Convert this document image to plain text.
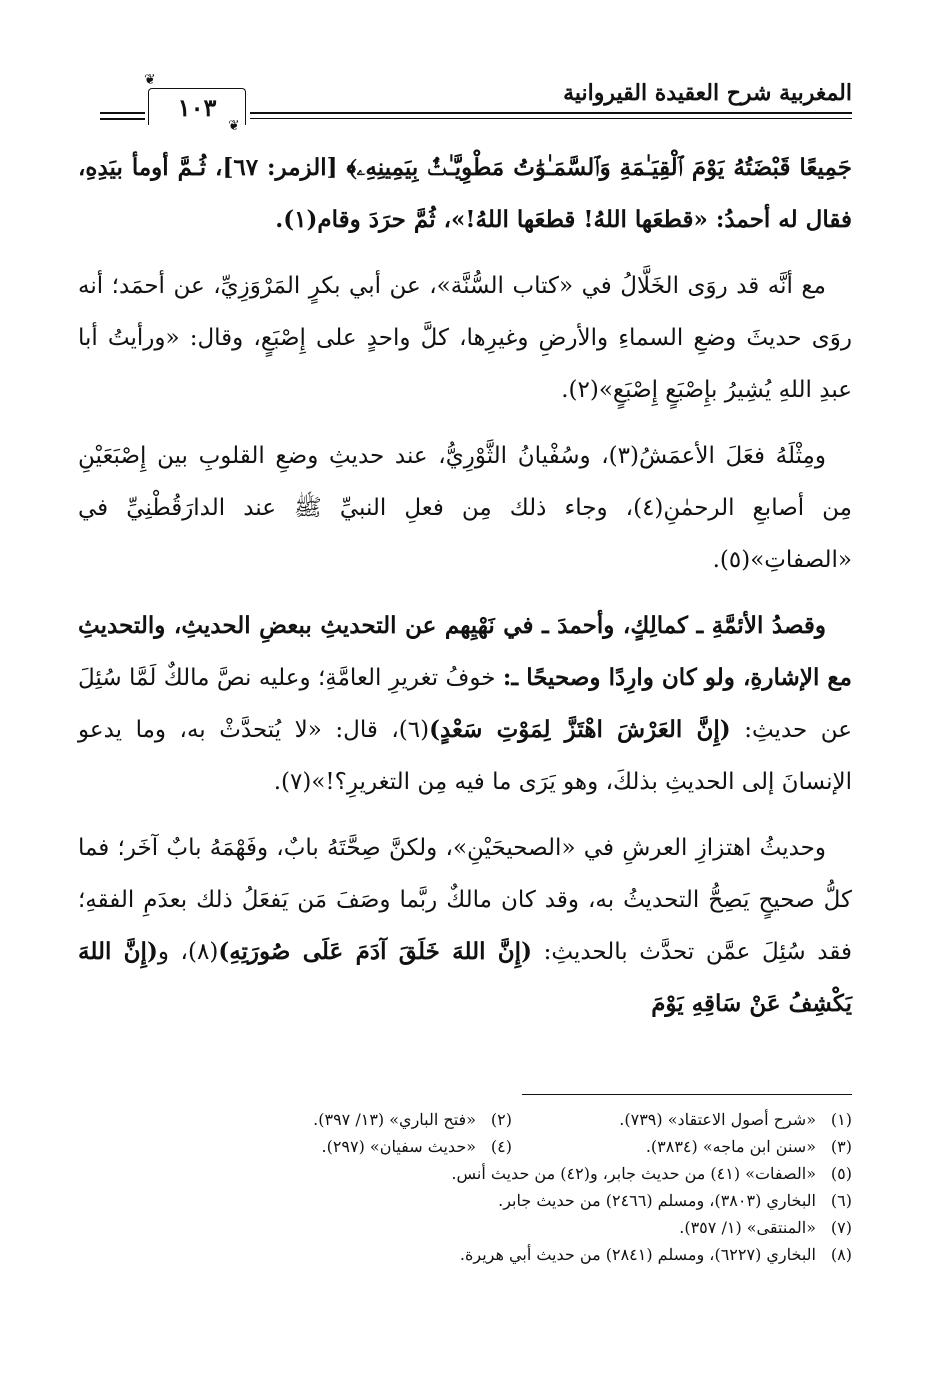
المغربية شرح العقيدة القيروانية
١٠٣
❦
❦

جَمِيعًا قَبْضَتُهُ يَوْمَ ٱلْقِيَـٰمَةِ وَٱلسَّمَـٰوَٰتُ مَطْوِيَّـٰتٌۢ بِيَمِينِهِۦ﴾ [الزمر: ٦٧]، ثُـمَّ أومأ بيَدِهِ، فقال له أحمدُ: «قطعَها اللهُ! قطعَها اللهُ!»، ثُمَّ حرَدَ وقام(١).

مع أنَّه قد روَى الخَلَّالُ في «كتاب السُّنَّة»، عن أبي بكرٍ المَرْوَزِيِّ، عن أحمَد؛ أنه روَى حديثَ وضعِ السماءِ والأرضِ وغيرِها، كلَّ واحدٍ على إِصْبَعٍ، وقال: «ورأيتُ أبا عبدِ اللهِ يُشِيرُ بإِصْبَعٍ إِصْبَعٍ»(٢).

ومِثْلَهُ فعَلَ الأعمَشُ(٣)، وسُفْيانُ الثَّوْرِيُّ، عند حديثِ وضعِ القلوبِ بين إِصْبَعَيْنِ مِن أصابعِ الرحمٰنِ(٤)، وجاء ذلك مِن فعلِ النبيِّ ﷺ عند الدارَقُطْنِيِّ في «الصفاتِ»(٥).

وقصدُ الأئمَّةِ ـ كمالِكٍ، وأحمدَ ـ في نَهْيِهم عن التحديثِ ببعضِ الحديثِ، والتحديثِ مع الإشارةِ، ولو كان وارِدًا وصحيحًا ـ: خوفُ تغريرِ العامَّةِ؛ وعليه نصَّ مالكٌ لَمَّا سُئِلَ عن حديثِ: (إِنَّ العَرْشَ اهْتَزَّ لِمَوْتِ سَعْدٍ)(٦)، قال: «لا يُتحدَّثْ به، وما يدعو الإنسانَ إلى الحديثِ بذلكَ، وهو يَرَى ما فيه مِن التغريرِ؟!»(٧).

وحديثُ اهتزازِ العرشِ في «الصحيحَيْنِ»، ولكنَّ صِحَّتَهُ بابٌ، وفَهْمَهُ بابٌ آخَر؛ فما كلُّ صحيحٍ يَصِحُّ التحديثُ به، وقد كان مالكٌ ربَّما وصَفَ مَن يَفعَلُ ذلك بعدَمِ الفقهِ؛ فقد سُئِلَ عمَّن تحدَّث بالحديثِ: (إِنَّ اللهَ خَلَقَ آدَمَ عَلَى صُورَتِهِ)(٨)، و(إِنَّ اللهَ يَكْشِفُ عَنْ سَاقِهِ يَوْمَ

(١)«شرح أصول الاعتقاد» (٧٣٩).
(٢)«فتح الباري» (١٣/ ٣٩٧).
(٣)«سنن ابن ماجه» (٣٨٣٤).
(٤)«حديث سفيان» (٢٩٧).
(٥)«الصفات» (٤١) من حديث جابر، و(٤٢) من حديث أنس.
(٦)البخاري (٣٨٠٣)، ومسلم (٢٤٦٦) من حديث جابر.
(٧)«المنتقى» (١/ ٣٥٧).
(٨)البخاري (٦٢٢٧)، ومسلم (٢٨٤١) من حديث أبي هريرة.
